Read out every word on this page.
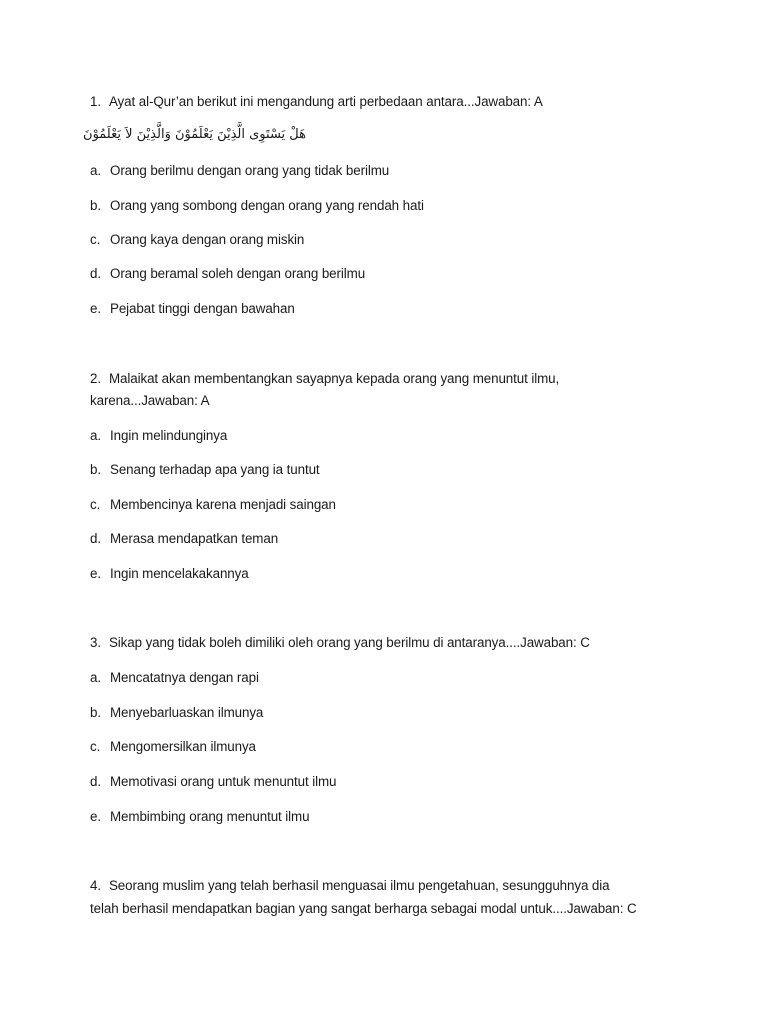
1. Ayat al-Qur’an berikut ini mengandung arti perbedaan antara...Jawaban: A
هَلْ يَسْتَوِى الَّذِيْنَ يَعْلَمُوْنَ وَالَّذِيْنَ لاَ يَعْلَمُوْنَ
a. Orang berilmu dengan orang yang tidak berilmu
b. Orang yang sombong dengan orang yang rendah hati
c. Orang kaya dengan orang miskin
d. Orang beramal soleh dengan orang berilmu
e. Pejabat tinggi dengan bawahan
2. Malaikat akan membentangkan sayapnya kepada orang yang menuntut ilmu,
karena...Jawaban: A
a. Ingin melindunginya
b. Senang terhadap apa yang ia tuntut
c. Membencinya karena menjadi saingan
d. Merasa mendapatkan teman
e. Ingin mencelakakannya
3. Sikap yang tidak boleh dimiliki oleh orang yang berilmu di antaranya....Jawaban: C
a. Mencatatnya dengan rapi
b. Menyebarluaskan ilmunya
c. Mengomersilkan ilmunya
d. Memotivasi orang untuk menuntut ilmu
e. Membimbing orang menuntut ilmu
4. Seorang muslim yang telah berhasil menguasai ilmu pengetahuan, sesungguhnya dia
telah berhasil mendapatkan bagian yang sangat berharga sebagai modal untuk....Jawaban: C
